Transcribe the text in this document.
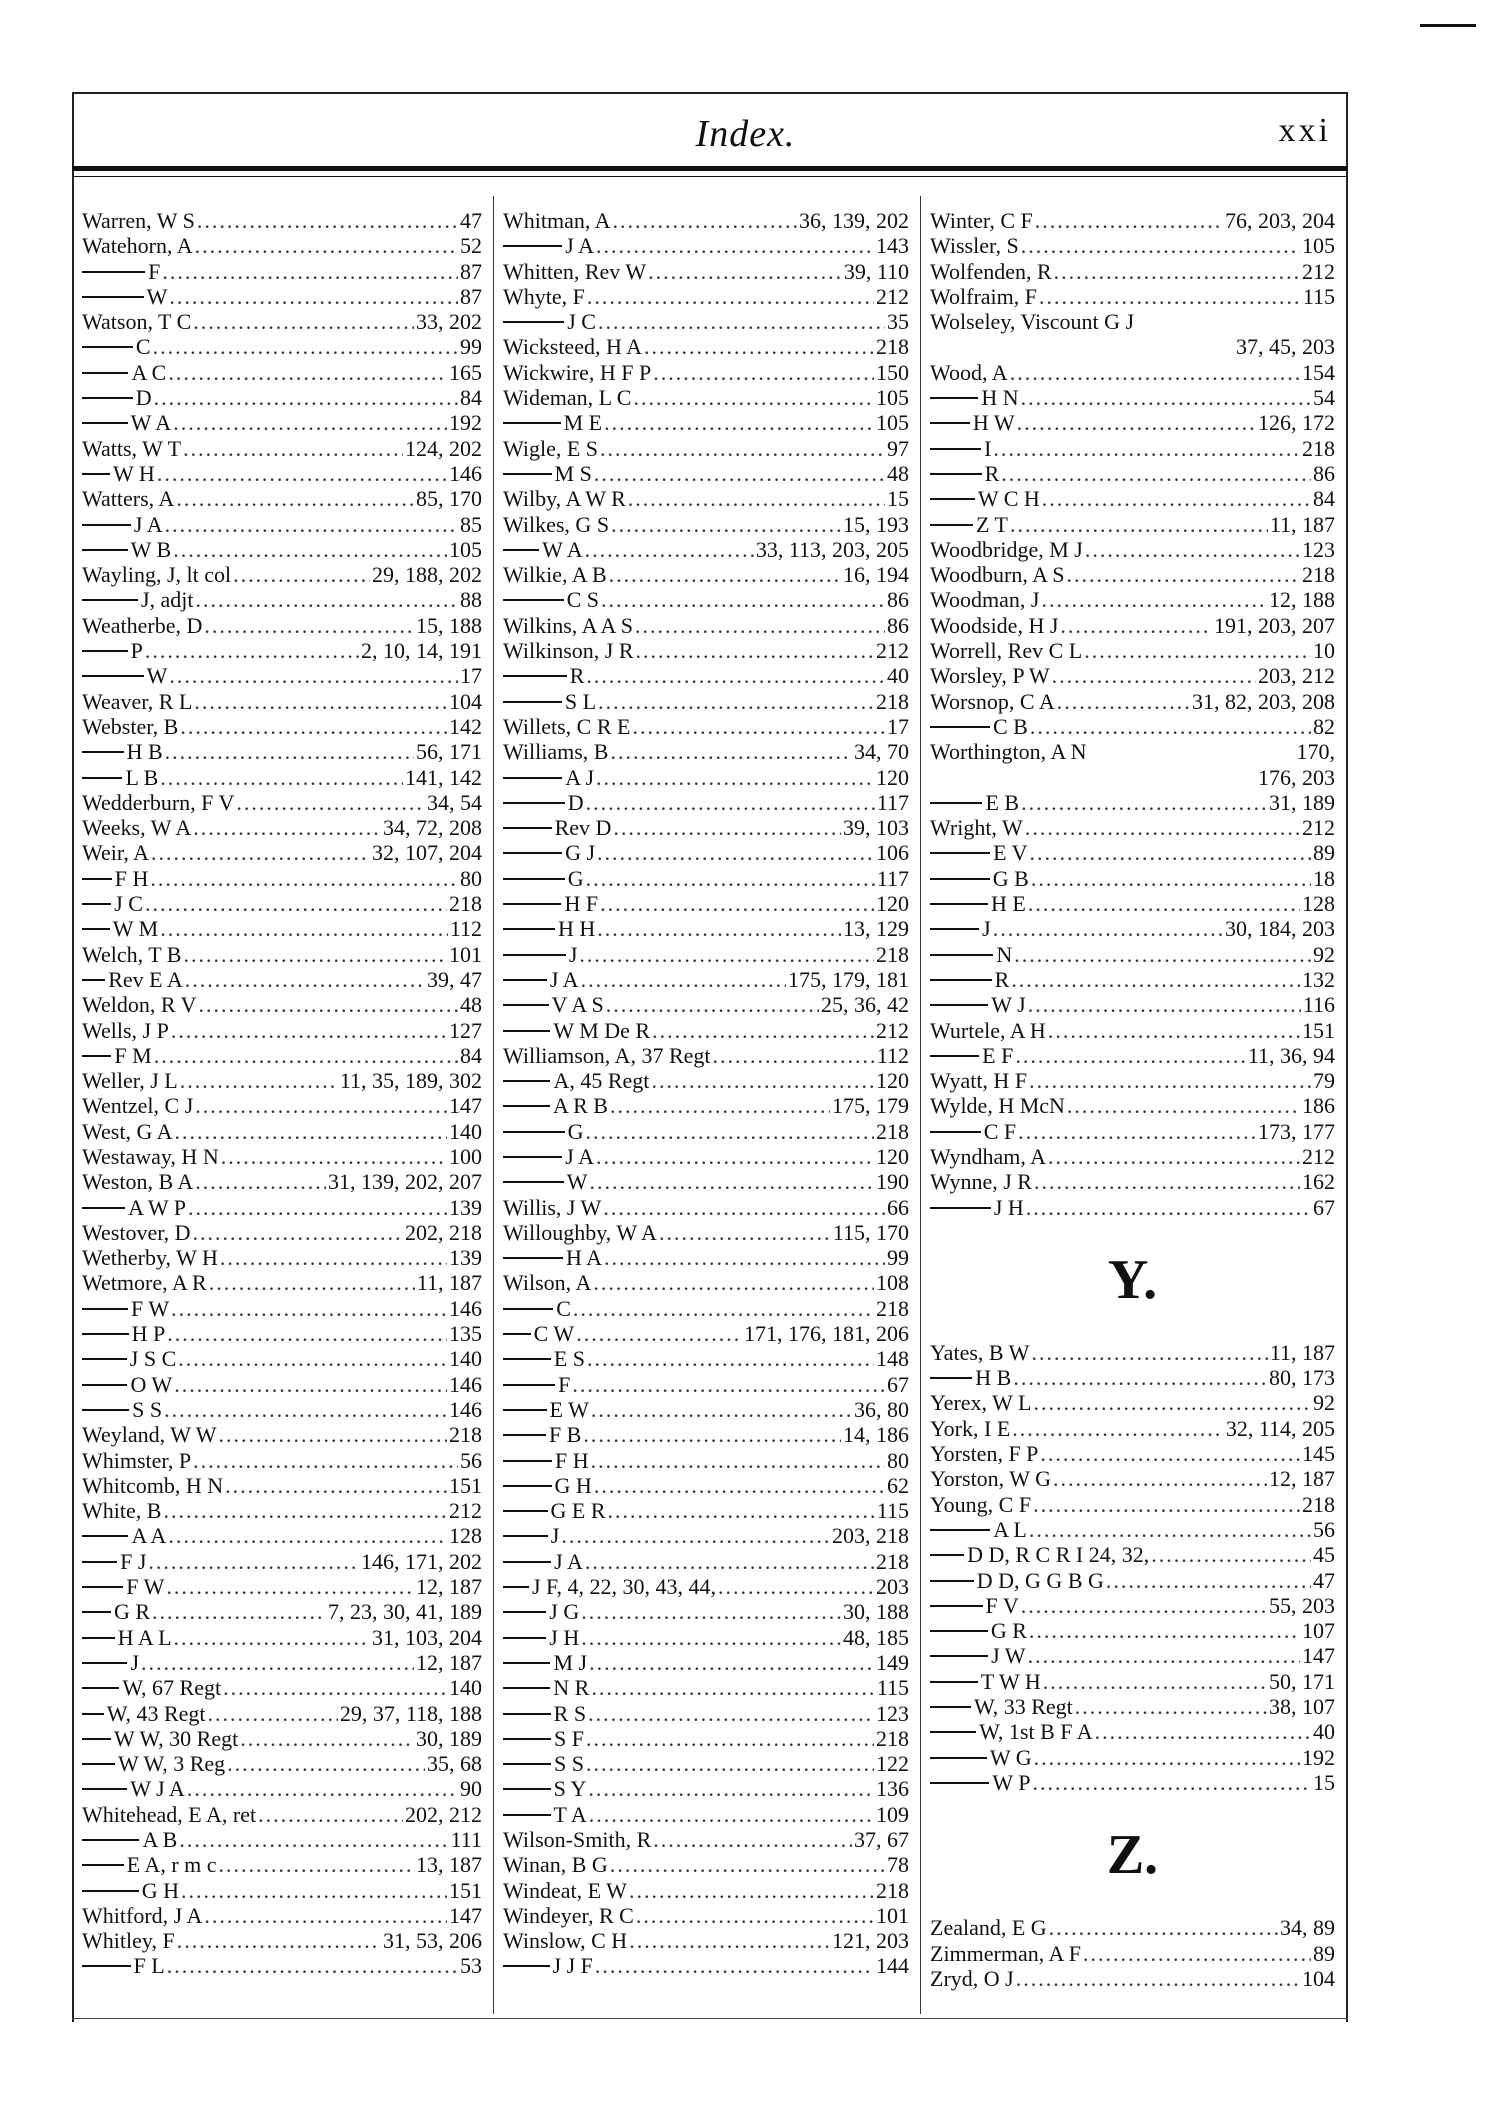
Index.	xxi
Warren, W S .....	47
Watehorn, A .....	52
F .....	87
W .....	87
Watson, T C .....	33, 202
C .....	99
A C .....	165
D .....	84
W A .....	192
Watts, W T .....	124, 202
W H .....	146
Watters, A .....	85, 170
J A .....	85
W B .....	105
Wayling, J, lt col .....	29, 188, 202
J, adjt .....	88
Weatherbe, D .....	15, 188
P .....	2, 10, 14, 191
W .....	17
Weaver, R L .....	104
Webster, B .....	142
H B .....	56, 171
L B .....	141, 142
Wedderburn, F V .....	34, 54
Weeks, W A .....	34, 72, 208
Weir, A .....	32, 107, 204
F H .....	80
J C .....	218
W M .....	112
Welch, T B .....	101
Rev E A .....	39, 47
Weldon, R V .....	48
Wells, J P .....	127
F M .....	84
Weller, J L .....	11, 35, 189, 302
Wentzel, C J .....	147
West, G A .....	140
Westaway, H N .....	100
Weston, B A .....	31, 139, 202, 207
A W P .....	139
Westover, D .....	202, 218
Wetherby, W H .....	139
Wetmore, A R .....	11, 187
F W .....	146
H P .....	135
J S C .....	140
O W .....	146
S S .....	146
Weyland, W W .....	218
Whimster, P .....	56
Whitcomb, H N .....	151
White, B .....	212
A A .....	128
F J .....	146, 171, 202
F W .....	12, 187
G R .....	7, 23, 30, 41, 189
H A L .....	31, 103, 204
J .....	12, 187
W, 67 Regt .....	140
W, 43 Regt .....	29, 37, 118, 188
W W, 30 Regt .....	30, 189
W W, 3 Reg .....	35, 68
W J A .....	90
Whitehead, E A, ret .....	202, 212
A B .....	111
E A, r m c .....	13, 187
G H .....	151
Whitford, J A .....	147
Whitley, F .....	31, 53, 206
F L .....	53
Whitman, A .....	36, 139, 202
J A .....	143
Whitten, Rev W .....	39, 110
Whyte, F .....	212
J C .....	35
Wicksteed, H A .....	218
Wickwire, H F P .....	150
Wideman, L C .....	105
M E .....	105
Wigle, E S .....	97
M S .....	48
Wilby, A W R .....	15
Wilkes, G S .....	15, 193
W A .....	33, 113, 203, 205
Wilkie, A B .....	16, 194
C S .....	86
Wilkins, A A S .....	86
Wilkinson, J R .....	212
R .....	40
S L .....	218
Willets, C R E .....	17
Williams, B .....	34, 70
A J .....	120
D .....	117
Rev D .....	39, 103
G J .....	106
G .....	117
H F .....	120
H H .....	13, 129
J .....	218
J A .....	175, 179, 181
V A S .....	25, 36, 42
W M De R .....	212
Williamson, A, 37 Regt .....	112
A, 45 Regt .....	120
A R B .....	175, 179
G .....	218
J A .....	120
W .....	190
Willis, J W .....	66
Willoughby, W A .....	115, 170
H A .....	99
Wilson, A .....	108
C .....	218
C W .....	171, 176, 181, 206
E S .....	148
F .....	67
E W .....	36, 80
F B .....	14, 186
F H .....	80
G H .....	62
G E R .....	115
J .....	203, 218
J A .....	218
J F, 4, 22, 30, 43, 44, .....	203
J G .....	30, 188
J H .....	48, 185
M J .....	149
N R .....	115
R S .....	123
S F .....	218
S S .....	122
S Y .....	136
T A .....	109
Wilson-Smith, R .....	37, 67
Winan, B G .....	78
Windeat, E W .....	218
Windeyer, R C .....	101
Winslow, C H .....	121, 203
J J F .....	144
Winter, C F .....	76, 203, 204
Wissler, S .....	105
Wolfenden, R .....	212
Wolfraim, F .....	115
Wolseley, Viscount G J
37, 45, 203
Wood, A .....	154
H N .....	54
H W .....	126, 172
I .....	218
R .....	86
W C H .....	84
Z T .....	11, 187
Woodbridge, M J .....	123
Woodburn, A S .....	218
Woodman, J .....	12, 188
Woodside, H J .....	191, 203, 207
Worrell, Rev C L .....	10
Worsley, P W .....	203, 212
Worsnop, C A .....	31, 82, 203, 208
C B .....	82
Worthington, A N	170,
176, 203
E B .....	31, 189
Wright, W .....	212
E V .....	89
G B .....	18
H E .....	128
J .....	30, 184, 203
N .....	92
R .....	132
W J .....	116
Wurtele, A H .....	151
E F .....	11, 36, 94
Wyatt, H F .....	79
Wylde, H McN .....	186
C F .....	173, 177
Wyndham, A .....	212
Wynne, J R .....	162
J H .....	67
Y.
Yates, B W .....	11, 187
H B .....	80, 173
Yerex, W L .....	92
York, I E .....	32, 114, 205
Yorsten, F P .....	145
Yorston, W G .....	12, 187
Young, C F .....	218
A L .....	56
D D, R C R I 24, 32, .....	45
D D, G G B G .....	47
F V .....	55, 203
G R .....	107
J W .....	147
T W H .....	50, 171
W, 33 Regt .....	38, 107
W, 1st B F A .....	40
W G .....	192
W P .....	15
Z.
Zealand, E G .....	34, 89
Zimmerman, A F .....	89
Zryd, O J .....	104
